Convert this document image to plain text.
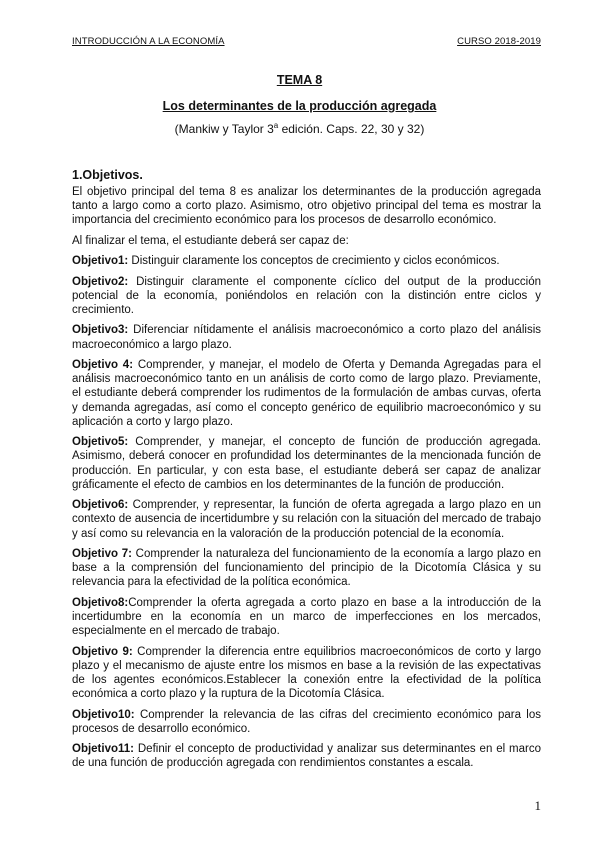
INTRODUCCIÓN A LA ECONOMÍA	CURSO 2018-2019
TEMA 8
Los determinantes de la producción agregada
(Mankiw y Taylor 3$^a$ edición. Caps. 22, 30 y 32)
1.Objetivos.

El objetivo principal del tema 8 es analizar los determinantes de la producción agregada tanto a largo como a corto plazo. Asimismo, otro objetivo principal del tema es mostrar la importancia del crecimiento económico para los procesos de desarrollo económico.

Al finalizar el tema, el estudiante deberá ser capaz de:

Objetivo1: Distinguir claramente los conceptos de crecimiento y ciclos económicos.

Objetivo2: Distinguir claramente el componente cíclico del output de la producción potencial de la economía, poniéndolos en relación con la distinción entre ciclos y crecimiento.

Objetivo3: Diferenciar nítidamente el análisis macroeconómico a corto plazo del análisis macroeconómico a largo plazo.

Objetivo 4: Comprender, y manejar, el modelo de Oferta y Demanda Agregadas para el análisis macroeconómico tanto en un análisis de corto como de largo plazo. Previamente, el estudiante deberá comprender los rudimentos de la formulación de ambas curvas, oferta y demanda agregadas, así como el concepto genérico de equilibrio macroeconómico y su aplicación a corto y largo plazo.

Objetivo5: Comprender, y manejar, el concepto de función de producción agregada. Asimismo, deberá conocer en profundidad los determinantes de la mencionada función de producción. En particular, y con esta base, el estudiante deberá ser capaz de analizar gráficamente el efecto de cambios en los determinantes de la función de producción.

Objetivo6: Comprender, y representar, la función de oferta agregada a largo plazo en un contexto de ausencia de incertidumbre y su relación con la situación del mercado de trabajo y así como su relevancia en la valoración de la producción potencial de la economía.

Objetivo 7: Comprender la naturaleza del funcionamiento de la economía a largo plazo en base a la comprensión del funcionamiento del principio de la Dicotomía Clásica y su relevancia para la efectividad de la política económica.

Objetivo8:Comprender la oferta agregada a corto plazo en base a la introducción de la incertidumbre en la economía en un marco de imperfecciones en los mercados, especialmente en el mercado de trabajo.

Objetivo 9: Comprender la diferencia entre equilibrios macroeconómicos de corto y largo plazo y el mecanismo de ajuste entre los mismos en base a la revisión de las expectativas de los agentes económicos.Establecer la conexión entre la efectividad de la política económica a corto plazo y la ruptura de la Dicotomía Clásica.

Objetivo10: Comprender la relevancia de las cifras del crecimiento económico para los procesos de desarrollo económico.

Objetivo11: Definir el concepto de productividad y analizar sus determinantes en el marco de una función de producción agregada con rendimientos constantes a escala.

1
